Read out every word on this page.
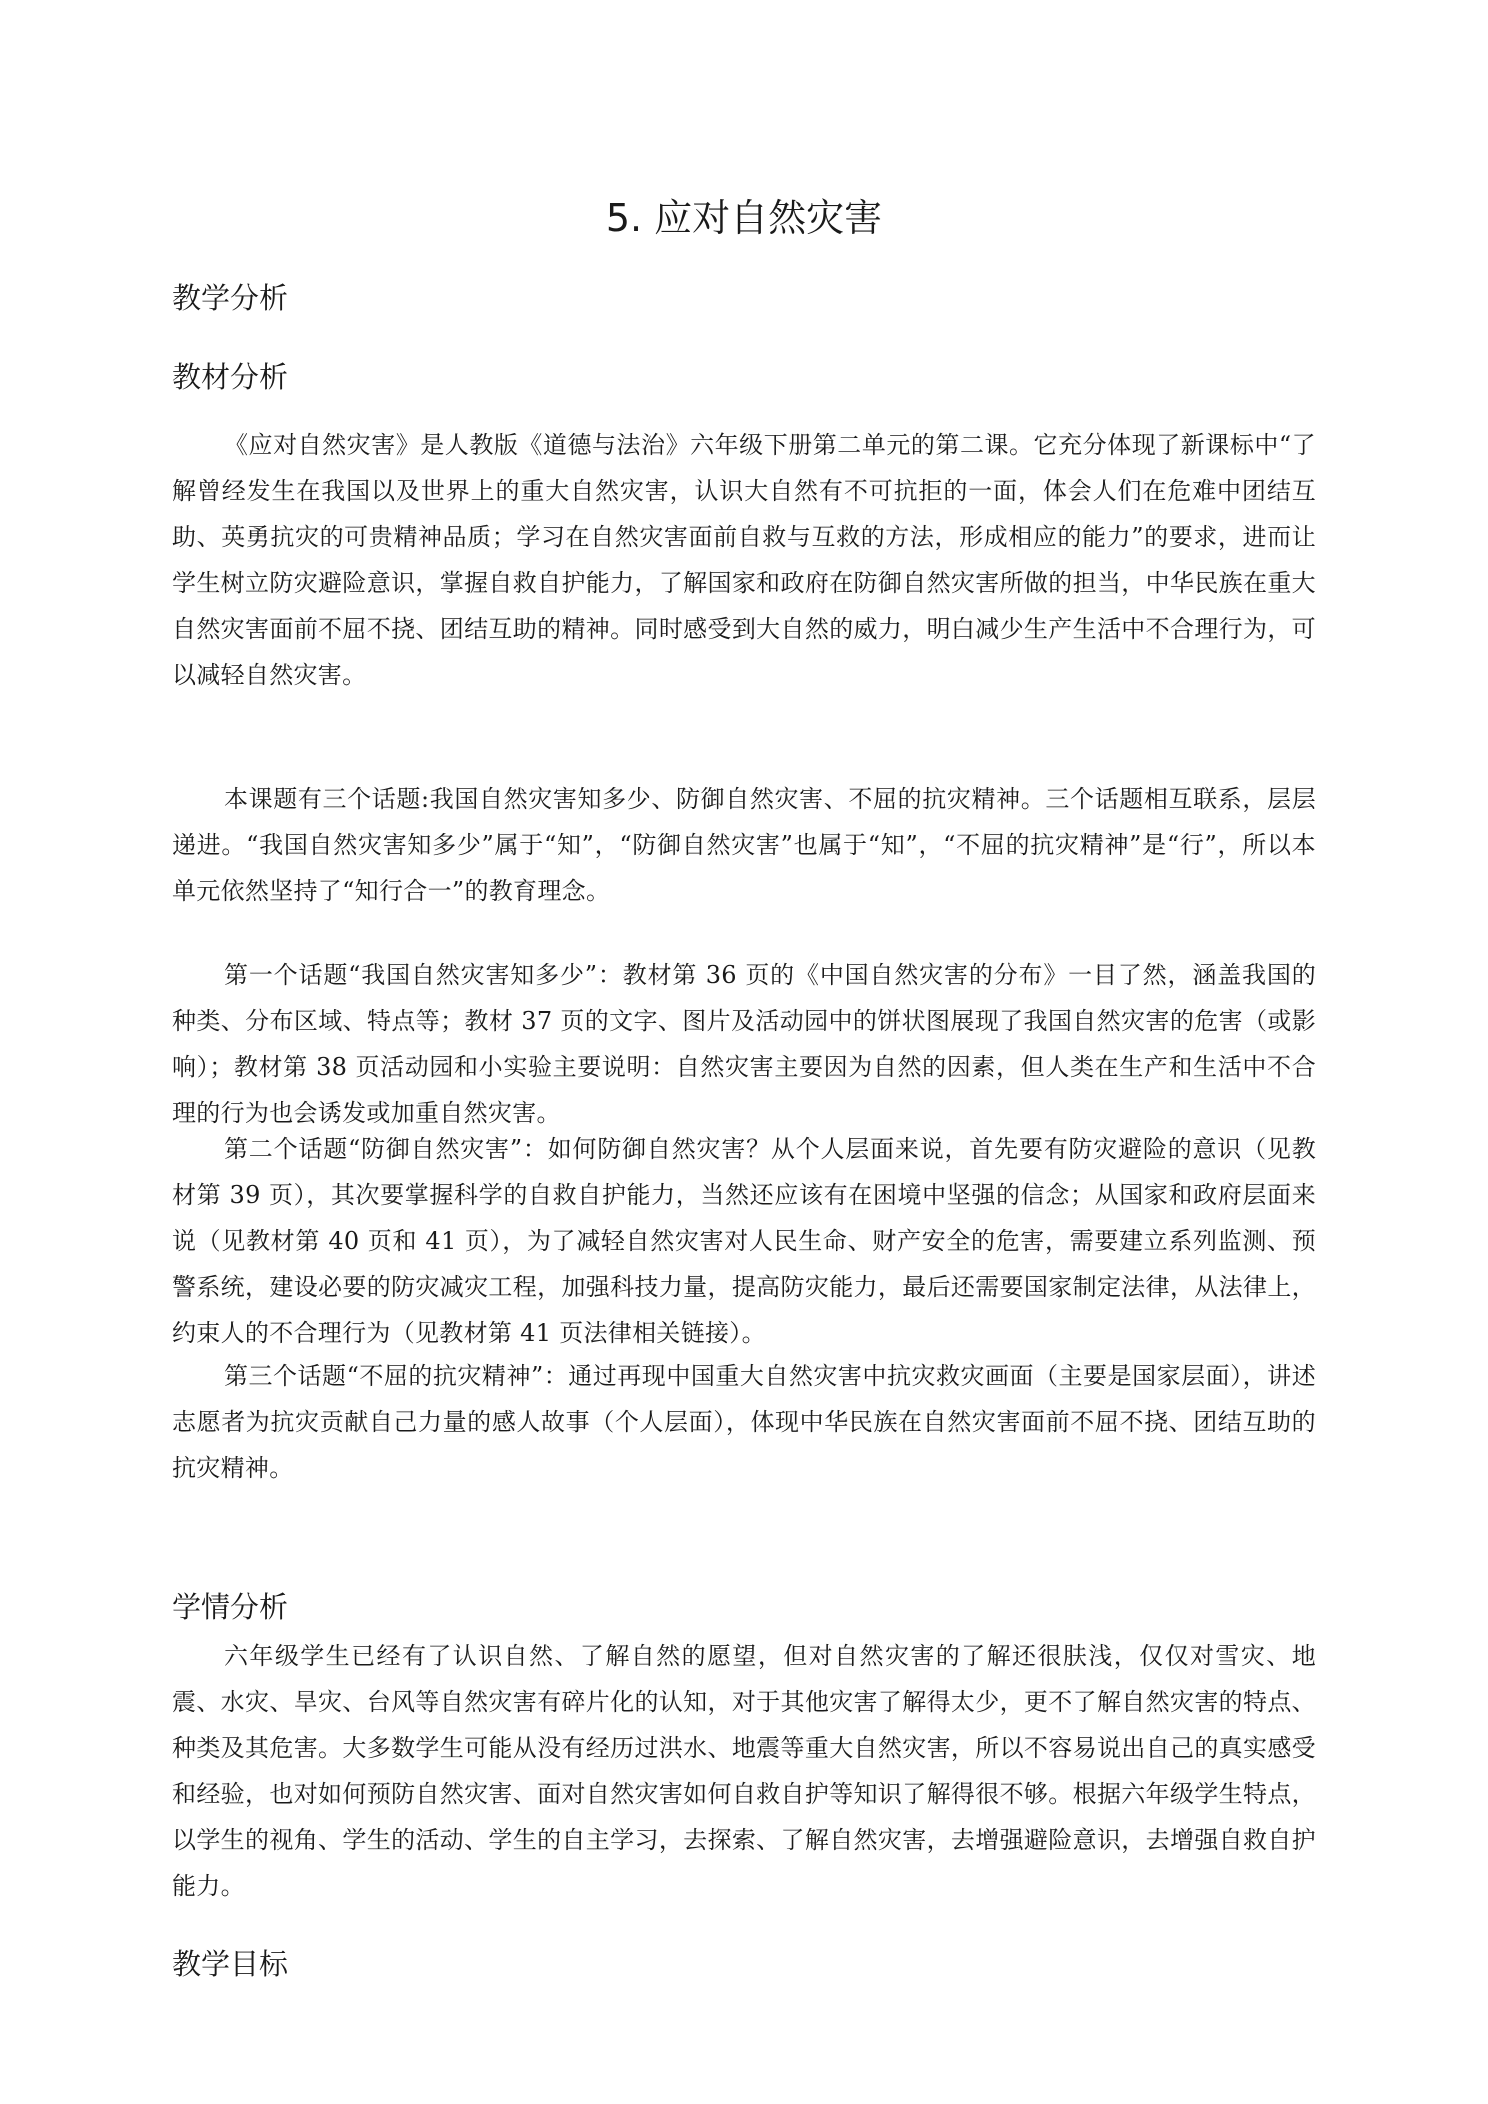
5. 应对自然灾害
教学分析
教材分析

《应对自然灾害》是人教版《道德与法治》六年级下册第二单元的第二课。它充分体现了新课标中“了解曾经发生在我国以及世界上的重大自然灾害，认识大自然有不可抗拒的一面，体会人们在危难中团结互助、英勇抗灾的可贵精神品质；学习在自然灾害面前自救与互救的方法，形成相应的能力”的要求，进而让学生树立防灾避险意识，掌握自救自护能力，了解国家和政府在防御自然灾害所做的担当，中华民族在重大自然灾害面前不屈不挠、团结互助的精神。同时感受到大自然的威力，明白减少生产生活中不合理行为，可以减轻自然灾害。

本课题有三个话题:我国自然灾害知多少、防御自然灾害、不屈的抗灾精神。三个话题相互联系，层层递进。“我国自然灾害知多少”属于“知”，“防御自然灾害”也属于“知”，“不屈的抗灾精神”是“行”，所以本单元依然坚持了“知行合一”的教育理念。

第一个话题“我国自然灾害知多少”：教材第 36 页的《中国自然灾害的分布》一目了然，涵盖我国的种类、分布区域、特点等；教材 37 页的文字、图片及活动园中的饼状图展现了我国自然灾害的危害（或影响）；教材第 38 页活动园和小实验主要说明：自然灾害主要因为自然的因素，但人类在生产和生活中不合理的行为也会诱发或加重自然灾害。

第二个话题“防御自然灾害”：如何防御自然灾害？从个人层面来说，首先要有防灾避险的意识（见教材第 39 页），其次要掌握科学的自救自护能力，当然还应该有在困境中坚强的信念；从国家和政府层面来说（见教材第 40 页和 41 页），为了减轻自然灾害对人民生命、财产安全的危害，需要建立系列监测、预警系统，建设必要的防灾减灾工程，加强科技力量，提高防灾能力，最后还需要国家制定法律，从法律上，约束人的不合理行为（见教材第 41 页法律相关链接）。

第三个话题“不屈的抗灾精神”：通过再现中国重大自然灾害中抗灾救灾画面（主要是国家层面），讲述志愿者为抗灾贡献自己力量的感人故事（个人层面），体现中华民族在自然灾害面前不屈不挠、团结互助的抗灾精神。

学情分析

六年级学生已经有了认识自然、了解自然的愿望，但对自然灾害的了解还很肤浅，仅仅对雪灾、地震、水灾、旱灾、台风等自然灾害有碎片化的认知，对于其他灾害了解得太少，更不了解自然灾害的特点、种类及其危害。大多数学生可能从没有经历过洪水、地震等重大自然灾害，所以不容易说出自己的真实感受和经验，也对如何预防自然灾害、面对自然灾害如何自救自护等知识了解得很不够。根据六年级学生特点，以学生的视角、学生的活动、学生的自主学习，去探索、了解自然灾害，去增强避险意识，去增强自救自护能力。

教学目标
